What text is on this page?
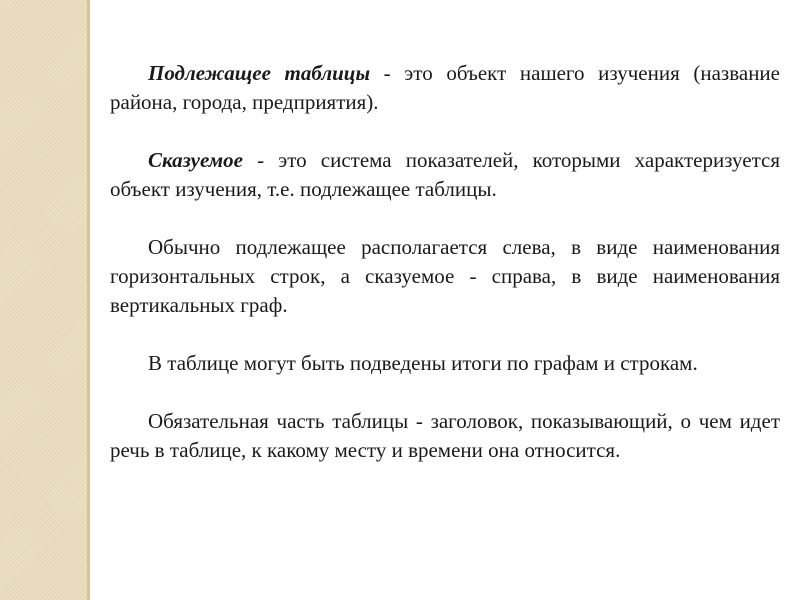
Подлежащее таблицы - это объект нашего изучения (название района, города, предприятия).

Сказуемое - это система показателей, которыми характеризуется объект изучения, т.е. подлежащее таблицы.

Обычно подлежащее располагается слева, в виде наименования горизонтальных строк, а сказуемое - справа, в виде наименования вертикальных граф.

В таблице могут быть подведены итоги по графам и строкам.

Обязательная часть таблицы - заголовок, показывающий, о чем идет речь в таблице, к какому месту и времени она относится.
